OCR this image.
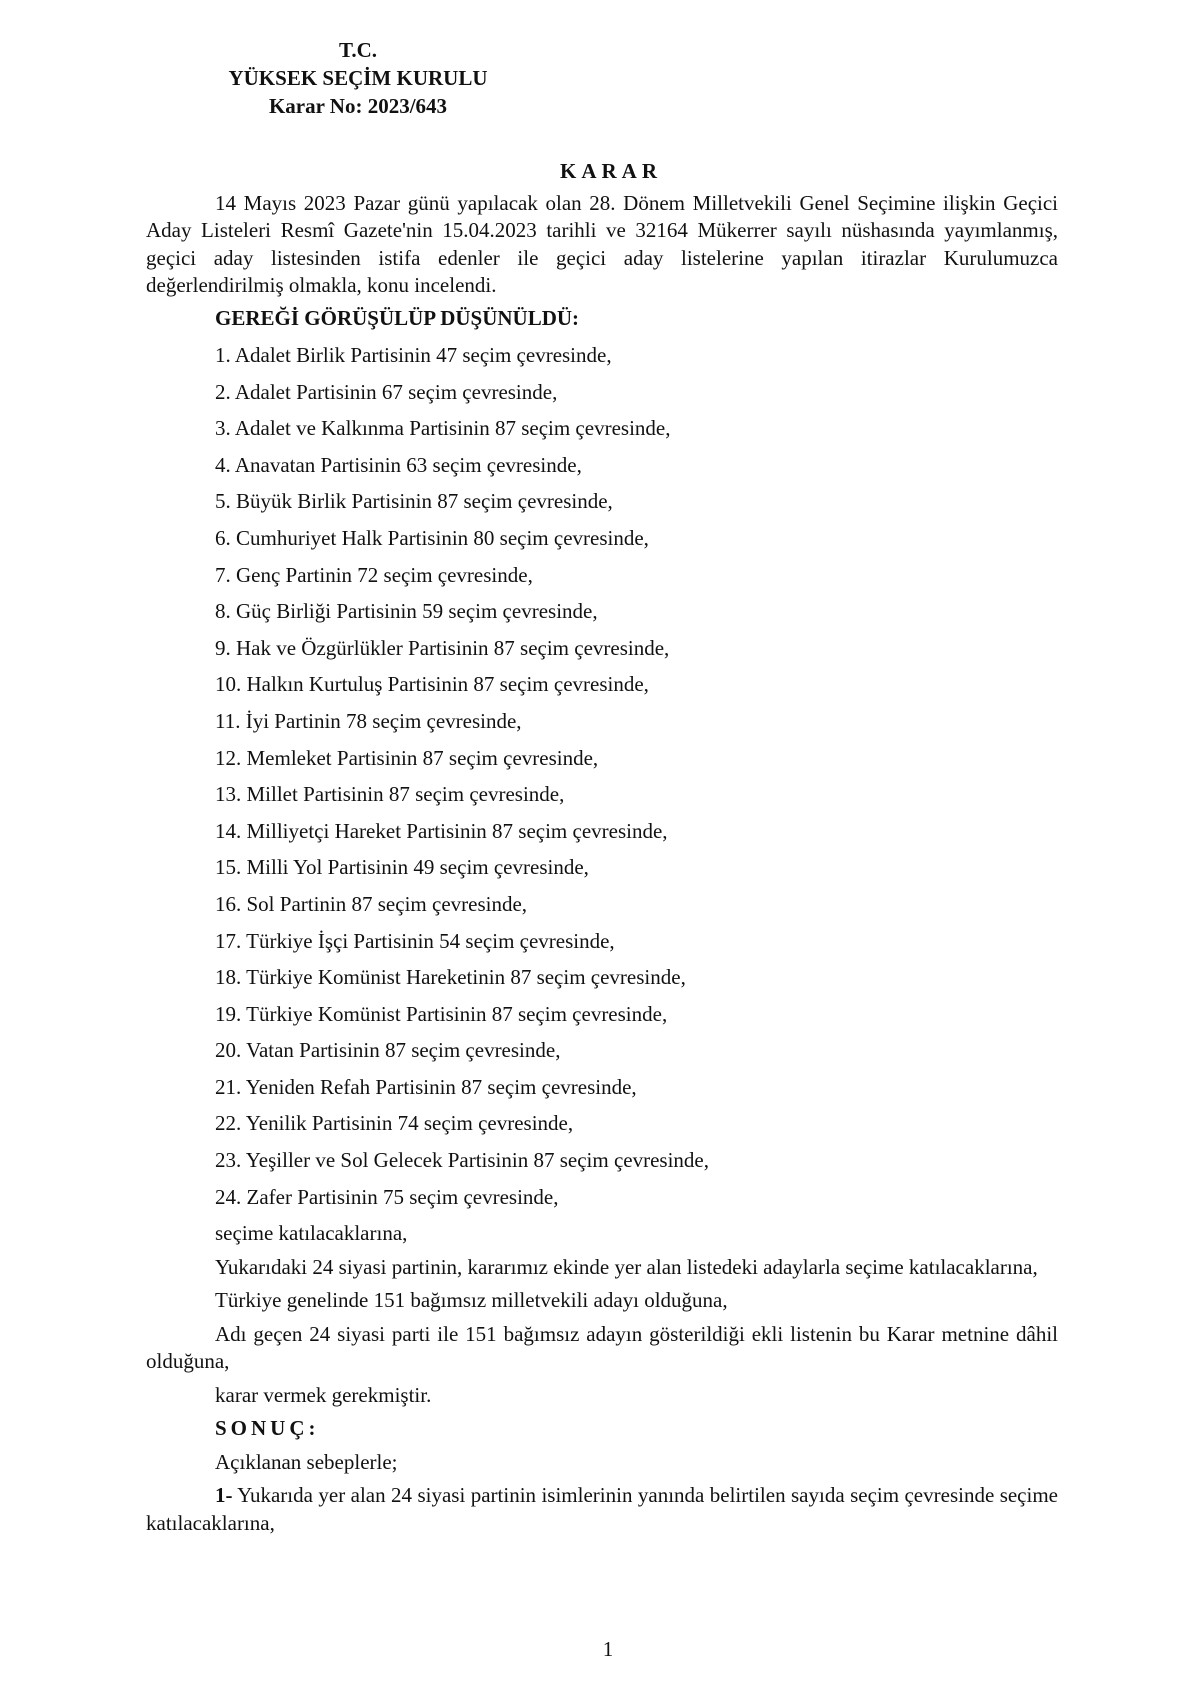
T.C.
YÜKSEK SEÇİM KURULU
Karar No: 2023/643
KARAR

14 Mayıs 2023 Pazar günü yapılacak olan 28. Dönem Milletvekili Genel Seçimine ilişkin Geçici Aday Listeleri Resmî Gazete'nin 15.04.2023 tarihli ve 32164 Mükerrer sayılı nüshasında yayımlanmış, geçici aday listesinden istifa edenler ile geçici aday listelerine yapılan itirazlar Kurulumuzca değerlendirilmiş olmakla, konu incelendi.

GEREĞİ GÖRÜŞÜLÜP DÜŞÜNÜLDÜ:

1. Adalet Birlik Partisinin 47 seçim çevresinde,
2. Adalet Partisinin 67 seçim çevresinde,
3. Adalet ve Kalkınma Partisinin 87 seçim çevresinde,
4. Anavatan Partisinin 63 seçim çevresinde,
5. Büyük Birlik Partisinin 87 seçim çevresinde,
6. Cumhuriyet Halk Partisinin 80 seçim çevresinde,
7. Genç Partinin 72 seçim çevresinde,
8. Güç Birliği Partisinin 59 seçim çevresinde,
9. Hak ve Özgürlükler Partisinin 87 seçim çevresinde,
10. Halkın Kurtuluş Partisinin 87 seçim çevresinde,
11. İyi Partinin 78 seçim çevresinde,
12. Memleket Partisinin 87 seçim çevresinde,
13. Millet Partisinin 87 seçim çevresinde,
14. Milliyetçi Hareket Partisinin 87 seçim çevresinde,
15. Milli Yol Partisinin 49 seçim çevresinde,
16. Sol Partinin 87 seçim çevresinde,
17. Türkiye İşçi Partisinin 54 seçim çevresinde,
18. Türkiye Komünist Hareketinin 87 seçim çevresinde,
19. Türkiye Komünist Partisinin 87 seçim çevresinde,
20. Vatan Partisinin 87 seçim çevresinde,
21. Yeniden Refah Partisinin 87 seçim çevresinde,
22. Yenilik Partisinin 74 seçim çevresinde,
23. Yeşiller ve Sol Gelecek Partisinin 87 seçim çevresinde,
24. Zafer Partisinin 75 seçim çevresinde,

seçime katılacaklarına,

Yukarıdaki 24 siyasi partinin, kararımız ekinde yer alan listedeki adaylarla seçime katılacaklarına,

Türkiye genelinde 151 bağımsız milletvekili adayı olduğuna,

Adı geçen 24 siyasi parti ile 151 bağımsız adayın gösterildiği ekli listenin bu Karar metnine dâhil olduğuna,

karar vermek gerekmiştir.

SONUÇ:

Açıklanan sebeplerle;

1- Yukarıda yer alan 24 siyasi partinin isimlerinin yanında belirtilen sayıda seçim çevresinde seçime katılacaklarına,

1
